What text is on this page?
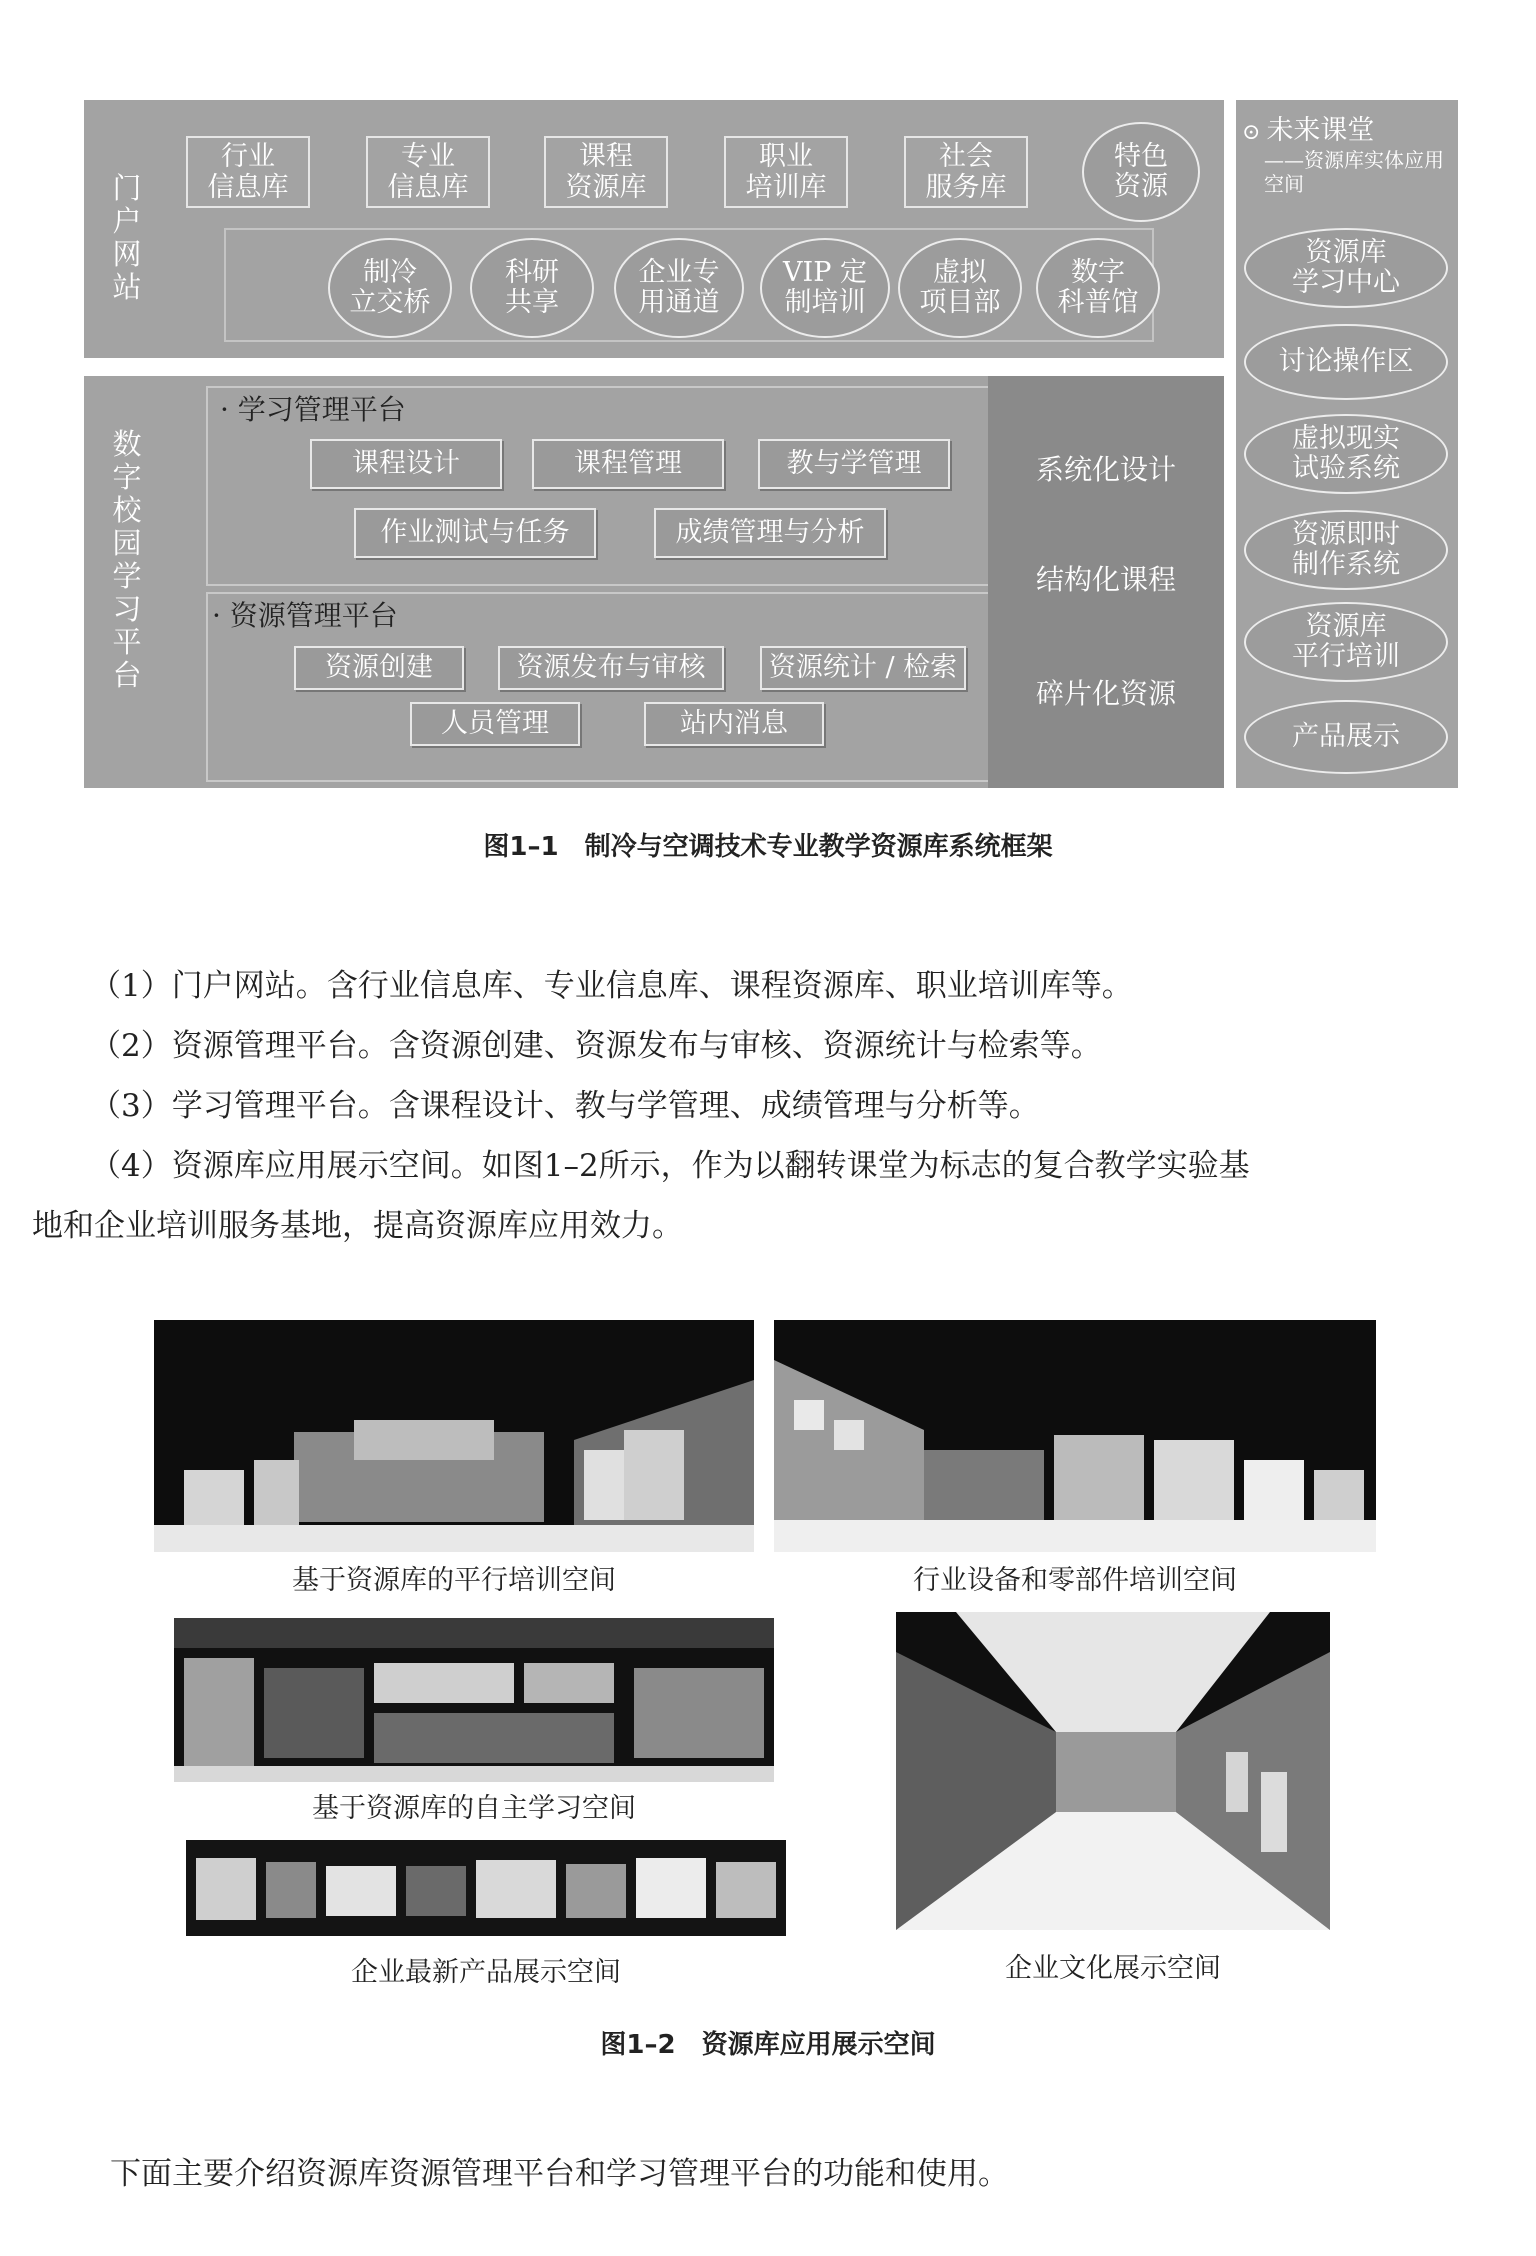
门户网站
行业
信息库
专业
信息库
课程
资源库
职业
培训库
社会
服务库
特色
资源
制冷
立交桥
科研
共享
企业专
用通道
VIP 定
制培训
虚拟
项目部
数字
科普馆
数字校园学习平台
· 学习管理平台
课程设计	课程管理	教与学管理
作业测试与任务	成绩管理与分析
· 资源管理平台
资源创建	资源发布与审核	资源统计 / 检索
人员管理	站内消息
系统化设计
结构化课程
碎片化资源
⊙ 未来课堂
——资源库实体应用空间
资源库
学习中心
讨论操作区
虚拟现实
试验系统
资源即时
制作系统
资源库
平行培训
产品展示
图1–1　制冷与空调技术专业教学资源库系统框架
（1）门户网站。含行业信息库、专业信息库、课程资源库、职业培训库等。
（2）资源管理平台。含资源创建、资源发布与审核、资源统计与检索等。
（3）学习管理平台。含课程设计、教与学管理、成绩管理与分析等。
（4）资源库应用展示空间。如图1–2所示，作为以翻转课堂为标志的复合教学实验基
地和企业培训服务基地，提高资源库应用效力。
基于资源库的平行培训空间	行业设备和零部件培训空间
基于资源库的自主学习空间
企业文化展示空间
企业最新产品展示空间
图1–2　资源库应用展示空间
下面主要介绍资源库资源管理平台和学习管理平台的功能和使用。
